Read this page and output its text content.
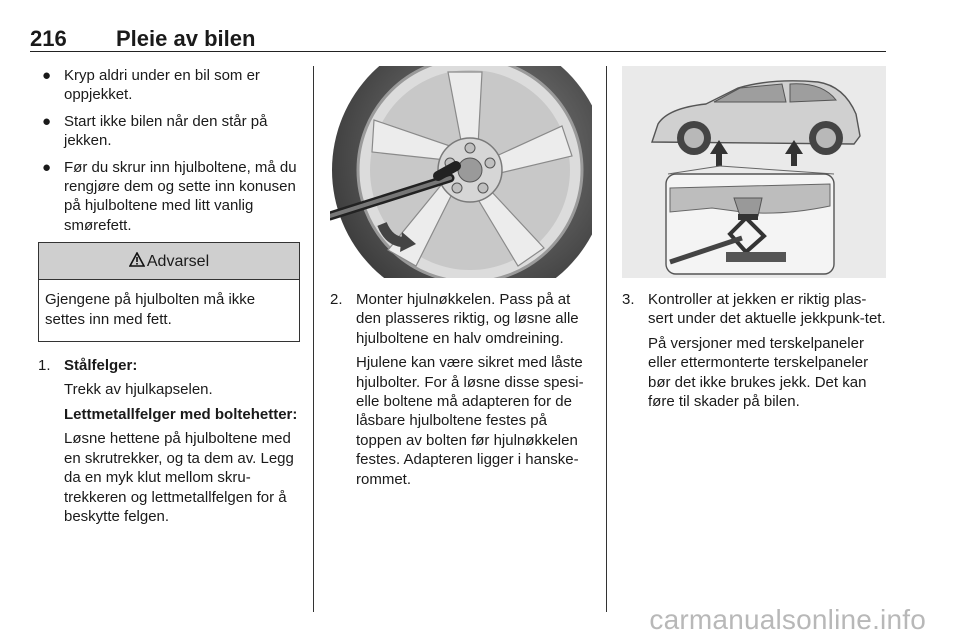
216 Pleie av bilen
● Kryp aldri under en bil som er oppjekket.
● Start ikke bilen når den står på jekken.
● Før du skrur inn hjulboltene, må du rengjøre dem og sette inn konusen på hjulboltene med litt vanlig smørefett.
Advarsel
Gjengene på hjulbolten må ikke settes inn med fett.
1. Stålfelger:
Trekk av hjulkapselen.
Lettmetallfelger med boltehetter:
Løsne hettene på hjulboltene med en skrutrekker, og ta dem av. Legg da en myk klut mellom skru-trekkeren og lettmetallfelgen for å beskytte felgen.
2. Monter hjulnøkkelen. Pass på at den plasseres riktig, og løsne alle hjulboltene en halv omdreining.
Hjulene kan være sikret med låste hjulbolter. For å løsne disse spesi-elle boltene må adapteren for de låsbare hjulboltene festes på toppen av bolten før hjulnøkkelen festes. Adapteren ligger i hanske-rommet.
3. Kontroller at jekken er riktig plas-sert under det aktuelle jekkpunk-tet.
På versjoner med terskelpaneler eller ettermonterte terskelpaneler bør det ikke brukes jekk. Det kan føre til skader på bilen.
carmanualsonline.info
